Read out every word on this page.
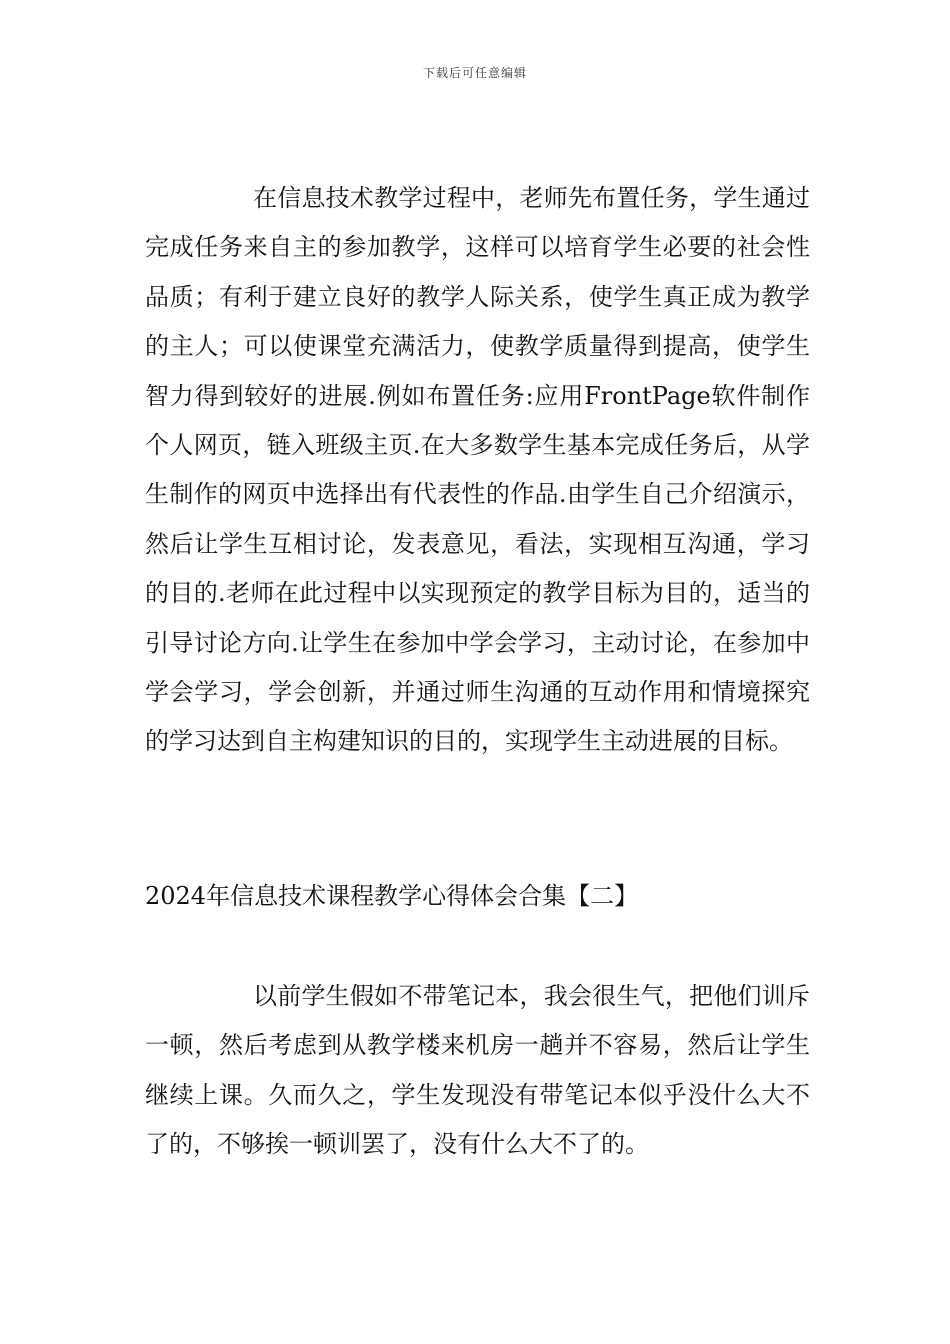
下载后可任意编辑

在信息技术教学过程中，老师先布置任务，学生通过完成任务来自主的参加教学，这样可以培育学生必要的社会性品质；有利于建立良好的教学人际关系，使学生真正成为教学的主人；可以使课堂充满活力，使教学质量得到提高，使学生智力得到较好的进展.例如布置任务:应用FrontPage软件制作个人网页，链入班级主页.在大多数学生基本完成任务后，从学生制作的网页中选择出有代表性的作品.由学生自己介绍演示，然后让学生互相讨论，发表意见，看法，实现相互沟通，学习的目的.老师在此过程中以实现预定的教学目标为目的，适当的引导讨论方向.让学生在参加中学会学习，主动讨论，在参加中学会学习，学会创新，并通过师生沟通的互动作用和情境探究的学习达到自主构建知识的目的，实现学生主动进展的目标。

2024年信息技术课程教学心得体会合集【二】

以前学生假如不带笔记本，我会很生气，把他们训斥一顿，然后考虑到从教学楼来机房一趟并不容易，然后让学生继续上课。久而久之，学生发现没有带笔记本似乎没什么大不了的，不够挨一顿训罢了，没有什么大不了的。
